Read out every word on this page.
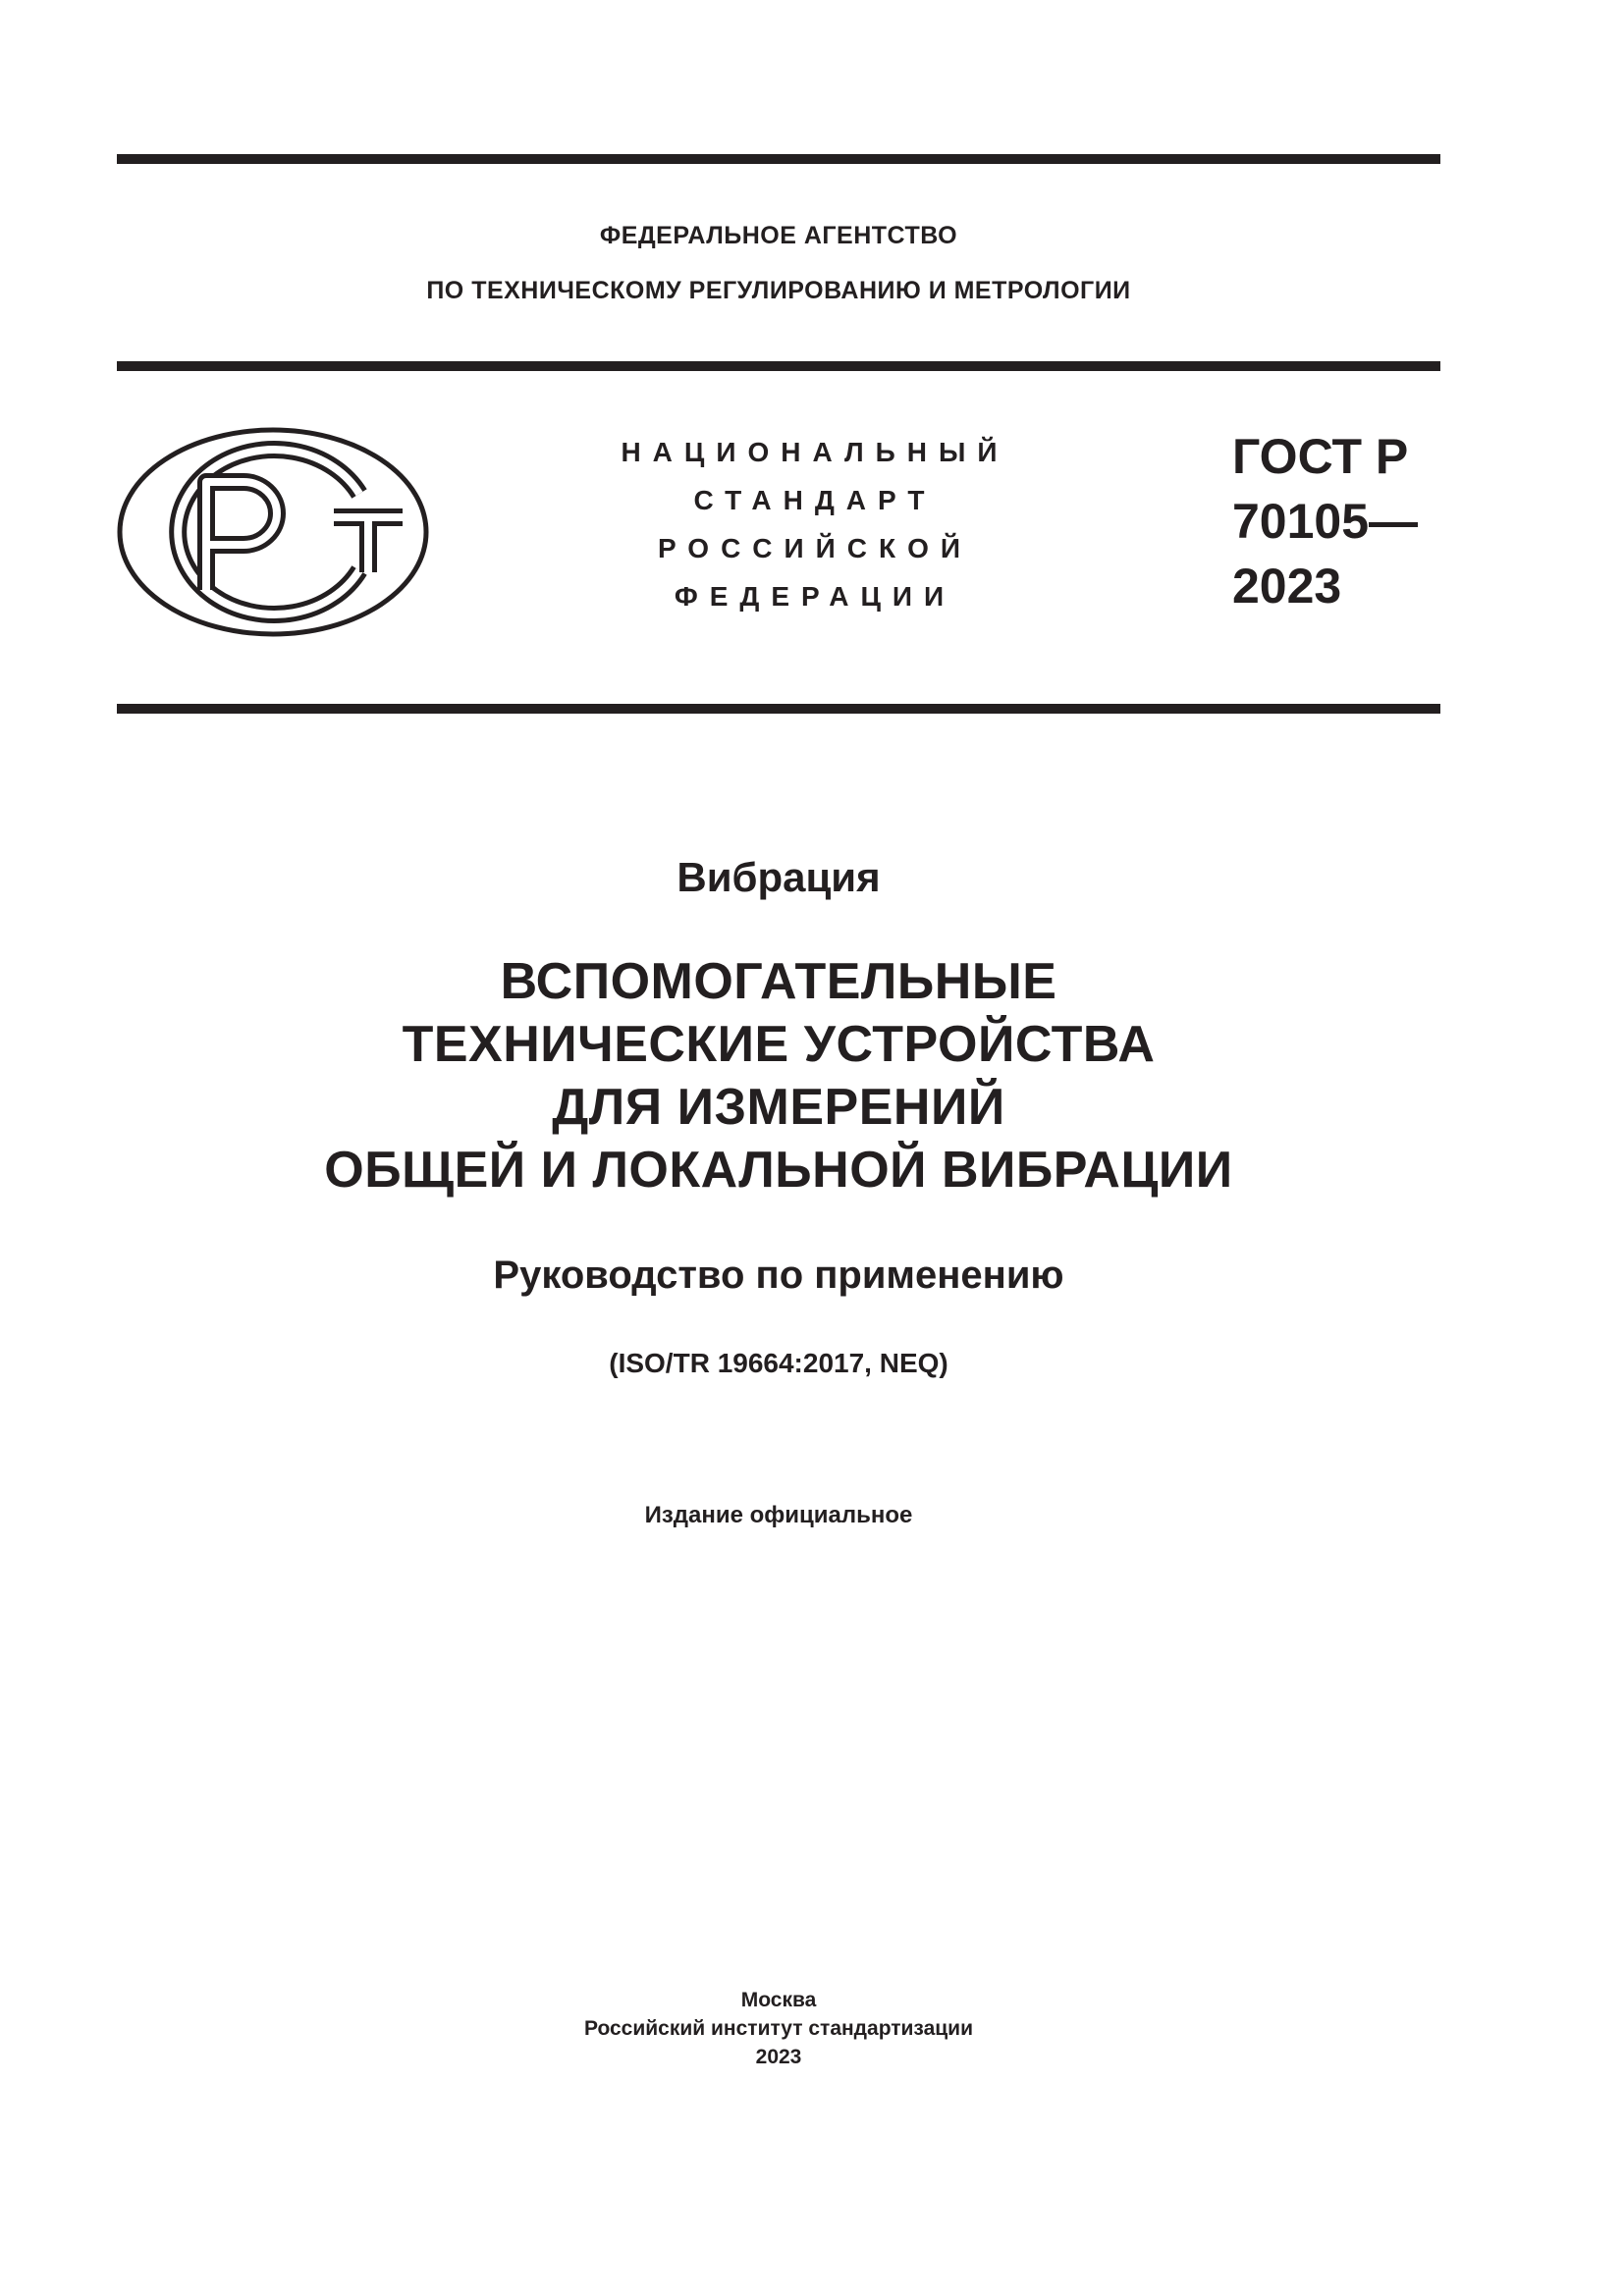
ФЕДЕРАЛЬНОЕ АГЕНТСТВО
ПО ТЕХНИЧЕСКОМУ РЕГУЛИРОВАНИЮ И МЕТРОЛОГИИ
НАЦИОНАЛЬНЫЙ
СТАНДАРТ
РОССИЙСКОЙ
ФЕДЕРАЦИИ
ГОСТ Р
70105—
2023
Вибрация
ВСПОМОГАТЕЛЬНЫЕ
ТЕХНИЧЕСКИЕ УСТРОЙСТВА
ДЛЯ ИЗМЕРЕНИЙ
ОБЩЕЙ И ЛОКАЛЬНОЙ ВИБРАЦИИ
Руководство по применению
(ISO/TR 19664:2017, NEQ)
Издание официальное
Москва
Российский институт стандартизации
2023
